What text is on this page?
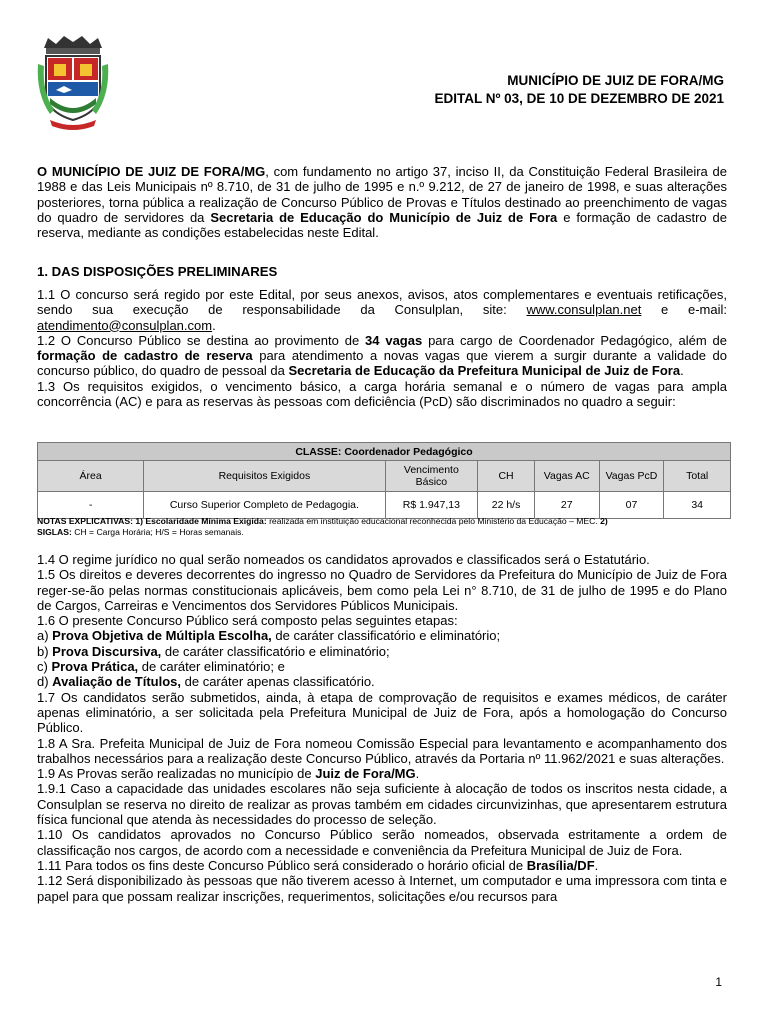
MUNICÍPIO DE JUIZ DE FORA/MG
EDITAL Nº 03, DE 10 DE DEZEMBRO DE 2021

O MUNICÍPIO DE JUIZ DE FORA/MG, com fundamento no artigo 37, inciso II, da Constituição Federal Brasileira de 1988 e das Leis Municipais nº 8.710, de 31 de julho de 1995 e n.º 9.212, de 27 de janeiro de 1998, e suas alterações posteriores, torna pública a realização de Concurso Público de Provas e Títulos destinado ao preenchimento de vagas do quadro de servidores da Secretaria de Educação do Município de Juiz de Fora e formação de cadastro de reserva, mediante as condições estabelecidas neste Edital.

1. DAS DISPOSIÇÕES PRELIMINARES

1.1 O concurso será regido por este Edital, por seus anexos, avisos, atos complementares e eventuais retificações, sendo sua execução de responsabilidade da Consulplan, site: www.consulplan.net e e-mail: atendimento@consulplan.com.

1.2 O Concurso Público se destina ao provimento de 34 vagas para cargo de Coordenador Pedagógico, além de formação de cadastro de reserva para atendimento a novas vagas que vierem a surgir durante a validade do concurso público, do quadro de pessoal da Secretaria de Educação da Prefeitura Municipal de Juiz de Fora.

1.3 Os requisitos exigidos, o vencimento básico, a carga horária semanal e o número de vagas para ampla concorrência (AC) e para as reservas às pessoas com deficiência (PcD) são discriminados no quadro a seguir:

CLASSE: Coordenador Pedagógico						
Área	Requisitos Exigidos	Vencimento Básico	CH	Vagas AC	Vagas PcD	Total
-	Curso Superior Completo de Pedagogia.	R$ 1.947,13	22 h/s	27	07	34
NOTAS EXPLICATIVAS: 1) Escolaridade Mínima Exigida: realizada em instituição educacional reconhecida pelo Ministério da Educação – MEC. 2)
SIGLAS: CH = Carga Horária; H/S = Horas semanais.

1.4 O regime jurídico no qual serão nomeados os candidatos aprovados e classificados será o Estatutário.

1.5 Os direitos e deveres decorrentes do ingresso no Quadro de Servidores da Prefeitura do Município de Juiz de Fora reger-se-ão pelas normas constitucionais aplicáveis, bem como pela Lei n° 8.710, de 31 de julho de 1995 e do Plano de Cargos, Carreiras e Vencimentos dos Servidores Públicos Municipais.

1.6 O presente Concurso Público será composto pelas seguintes etapas:

a) Prova Objetiva de Múltipla Escolha, de caráter classificatório e eliminatório;

b) Prova Discursiva, de caráter classificatório e eliminatório;

c) Prova Prática, de caráter eliminatório; e

d) Avaliação de Títulos, de caráter apenas classificatório.

1.7 Os candidatos serão submetidos, ainda, à etapa de comprovação de requisitos e exames médicos, de caráter apenas eliminatório, a ser solicitada pela Prefeitura Municipal de Juiz de Fora, após a homologação do Concurso Público.

1.8 A Sra. Prefeita Municipal de Juiz de Fora nomeou Comissão Especial para levantamento e acompanhamento dos trabalhos necessários para a realização deste Concurso Público, através da Portaria nº 11.962/2021 e suas alterações.

1.9 As Provas serão realizadas no município de Juiz de Fora/MG.

1.9.1 Caso a capacidade das unidades escolares não seja suficiente à alocação de todos os inscritos nesta cidade, a Consulplan se reserva no direito de realizar as provas também em cidades circunvizinhas, que apresentarem estrutura física funcional que atenda às necessidades do processo de seleção.

1.10 Os candidatos aprovados no Concurso Público serão nomeados, observada estritamente a ordem de classificação nos cargos, de acordo com a necessidade e conveniência da Prefeitura Municipal de Juiz de Fora.

1.11 Para todos os fins deste Concurso Público será considerado o horário oficial de Brasília/DF.

1.12 Será disponibilizado às pessoas que não tiverem acesso à Internet, um computador e uma impressora com tinta e papel para que possam realizar inscrições, requerimentos, solicitações e/ou recursos para

1
